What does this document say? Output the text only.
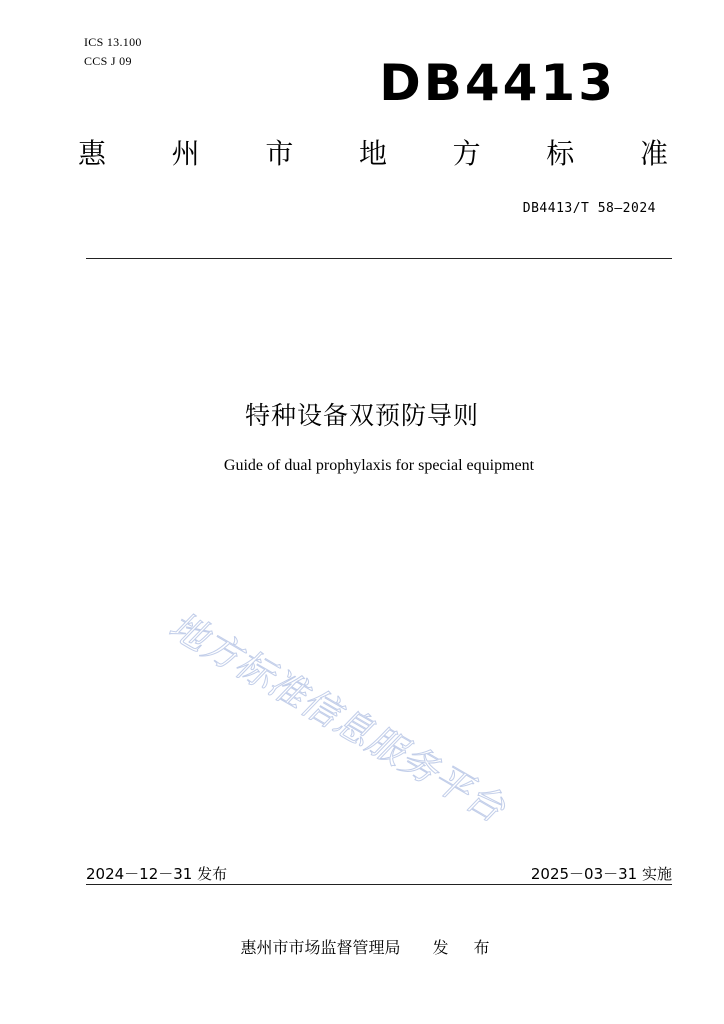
ICS 13.100
CCS J 09	DB4413
惠 州 市 地 方 标 准
DB4413/T 58—2024
特种设备双预防导则
Guide of dual prophylaxis for special equipment
地方标准信息服务平台
2024－12－31 发布	2025－03－31 实施
惠州市市场监督管理局 发 布
